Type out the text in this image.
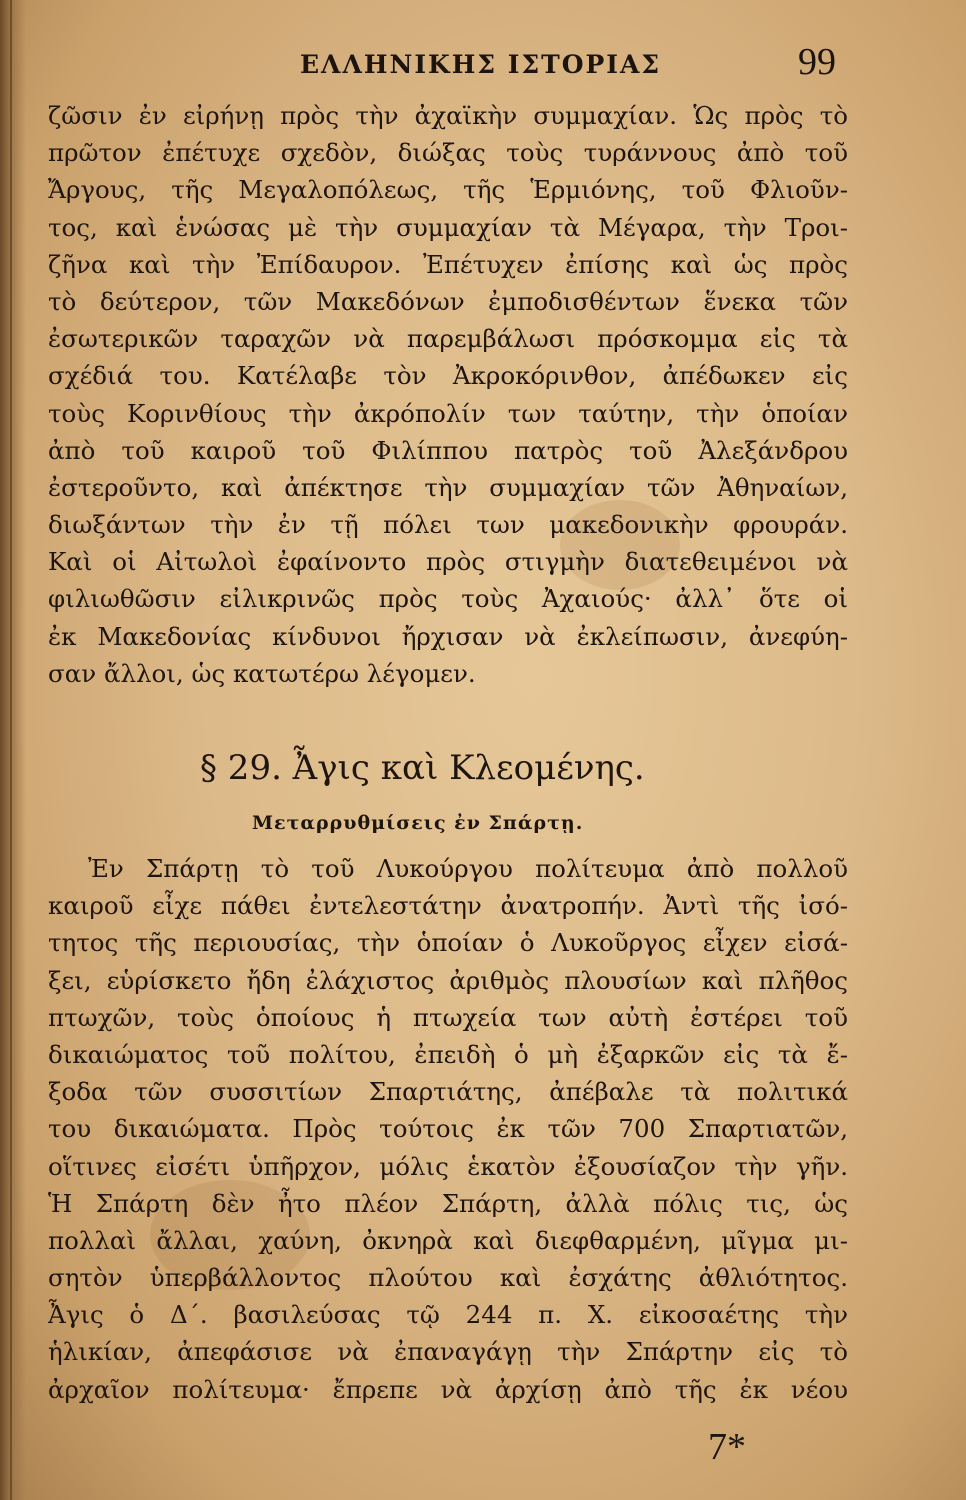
ΕΛΛΗΝΙΚΗΣ ΙΣΤΟΡΙΑΣ	99
ζῶσιν ἐν εἰρήνῃ πρὸς τὴν ἀχαϊκὴν συμμαχίαν. Ὡς πρὸς τὸ
πρῶτον ἐπέτυχε σχεδὸν, διώξας τοὺς τυράννους ἀπὸ τοῦ
Ἄργους, τῆς Μεγαλοπόλεως, τῆς Ἑρμιόνης, τοῦ Φλιοῦν-
τος, καὶ ἑνώσας μὲ τὴν συμμαχίαν τὰ Μέγαρα, τὴν Τροι-
ζῆνα καὶ τὴν Ἐπίδαυρον. Ἐπέτυχεν ἐπίσης καὶ ὡς πρὸς
τὸ δεύτερον, τῶν Μακεδόνων ἐμποδισθέντων ἕνεκα τῶν
ἐσωτερικῶν ταραχῶν νὰ παρεμβάλωσι πρόσκομμα εἰς τὰ
σχέδιά του. Κατέλαβε τὸν Ἀκροκόρινθον, ἀπέδωκεν εἰς
τοὺς Κορινθίους τὴν ἀκρόπολίν των ταύτην, τὴν ὁποίαν
ἀπὸ τοῦ καιροῦ τοῦ Φιλίππου πατρὸς τοῦ Ἀλεξάνδρου
ἐστεροῦντο, καὶ ἀπέκτησε τὴν συμμαχίαν τῶν Ἀθηναίων,
διωξάντων τὴν ἐν τῇ πόλει των μακεδονικὴν φρουράν.
Καὶ οἱ Αἰτωλοὶ ἐφαίνοντο πρὸς στιγμὴν διατεθειμένοι νὰ
φιλιωθῶσιν εἰλικρινῶς πρὸς τοὺς Ἀχαιούς· ἀλλ᾽ ὅτε οἱ
ἐκ Μακεδονίας κίνδυνοι ἤρχισαν νὰ ἐκλείπωσιν, ἀνεφύη-
σαν ἄλλοι, ὡς κατωτέρω λέγομεν.
§ 29. Ἆγις καὶ Κλεομένης.
Μεταρρυθμίσεις ἐν Σπάρτῃ.
Ἐν Σπάρτῃ τὸ τοῦ Λυκούργου πολίτευμα ἀπὸ πολλοῦ
καιροῦ εἶχε πάθει ἐντελεστάτην ἀνατροπήν. Ἀντὶ τῆς ἰσό-
τητος τῆς περιουσίας, τὴν ὁποίαν ὁ Λυκοῦργος εἶχεν εἰσά-
ξει, εὑρίσκετο ἤδη ἐλάχιστος ἀριθμὸς πλουσίων καὶ πλῆθος
πτωχῶν, τοὺς ὁποίους ἡ πτωχεία των αὐτὴ ἐστέρει τοῦ
δικαιώματος τοῦ πολίτου, ἐπειδὴ ὁ μὴ ἐξαρκῶν εἰς τὰ ἔ-
ξοδα τῶν συσσιτίων Σπαρτιάτης, ἀπέβαλε τὰ πολιτικά
του δικαιώματα. Πρὸς τούτοις ἐκ τῶν 700 Σπαρτιατῶν,
οἵτινες εἰσέτι ὑπῆρχον, μόλις ἑκατὸν ἐξουσίαζον τὴν γῆν.
Ἡ Σπάρτη δὲν ἦτο πλέον Σπάρτη, ἀλλὰ πόλις τις, ὡς
πολλαὶ ἄλλαι, χαύνη, ὀκνηρὰ καὶ διεφθαρμένη, μῖγμα μι-
σητὸν ὑπερβάλλοντος πλούτου καὶ ἐσχάτης ἀθλιότητος.
Ἆγις ὁ Δ΄. βασιλεύσας τῷ 244 π. Χ. εἰκοσαέτης τὴν
ἡλικίαν, ἀπεφάσισε νὰ ἐπαναγάγῃ τὴν Σπάρτην εἰς τὸ
ἀρχαῖον πολίτευμα· ἔπρεπε νὰ ἀρχίσῃ ἀπὸ τῆς ἐκ νέου
7*
